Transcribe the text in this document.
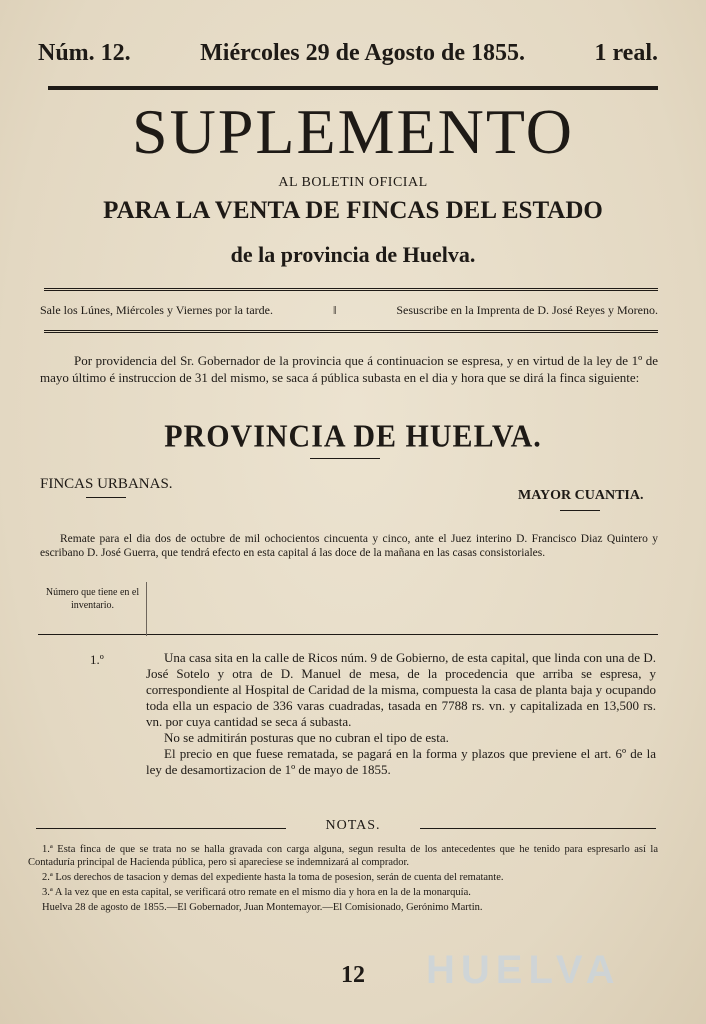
Núm. 12.	Miércoles 29 de Agosto de 1855.	1 real.
SUPLEMENTO
AL BOLETIN OFICIAL
PARA LA VENTA DE FINCAS DEL ESTADO
de la provincia de Huelva.
Sale los Lúnes, Miércoles y Viernes por la tarde.	‖	Sesuscribe en la Imprenta de D. José Reyes y Moreno.
Por providencia del Sr. Gobernador de la provincia que á continuacion se espresa, y en virtud de la ley de 1º de mayo último é instruccion de 31 del mismo, se saca á pública subasta en el dia y hora que se dirá la finca siguiente:
PROVINCIA DE HUELVA.
FINCAS URBANAS.
MAYOR CUANTIA.
Remate para el dia dos de octubre de mil ochocientos cincuenta y cinco, ante el Juez interino D. Francisco Diaz Quintero y escribano D. José Guerra, que tendrá efecto en esta capital á las doce de la mañana en las casas consistoriales.
Número que tiene en el inventario.
1.º	Una casa sita en la calle de Ricos núm. 9 de Gobierno, de esta capital, que linda con una de D. José Sotelo y otra de D. Manuel de mesa, de la procedencia que arriba se espresa, y correspondiente al Hospital de Caridad de la misma, compuesta la casa de planta baja y ocupando toda ella un espacio de 336 varas cuadradas, tasada en 7788 rs. vn. y capitalizada en 13,500 rs. vn. por cuya cantidad se seca á subasta.

No se admitirán posturas que no cubran el tipo de esta.

El precio en que fuese rematada, se pagará en la forma y plazos que previene el art. 6º de la ley de desamortizacion de 1º de mayo de 1855.

NOTAS.

1.ª Esta finca de que se trata no se halla gravada con carga alguna, segun resulta de los antecedentes que he tenido para espresarlo así la Contaduría principal de Hacienda pública, pero si apareciese se indemnizará al comprador.

2.ª Los derechos de tasacion y demas del expediente hasta la toma de posesion, serán de cuenta del rematante.

3.ª A la vez que en esta capital, se verificará otro remate en el mismo dia y hora en la de la monarquía.

Huelva 28 de agosto de 1855.—El Gobernador, Juan Montemayor.—El Comisionado, Gerónimo Martin.

HUELVA
12
